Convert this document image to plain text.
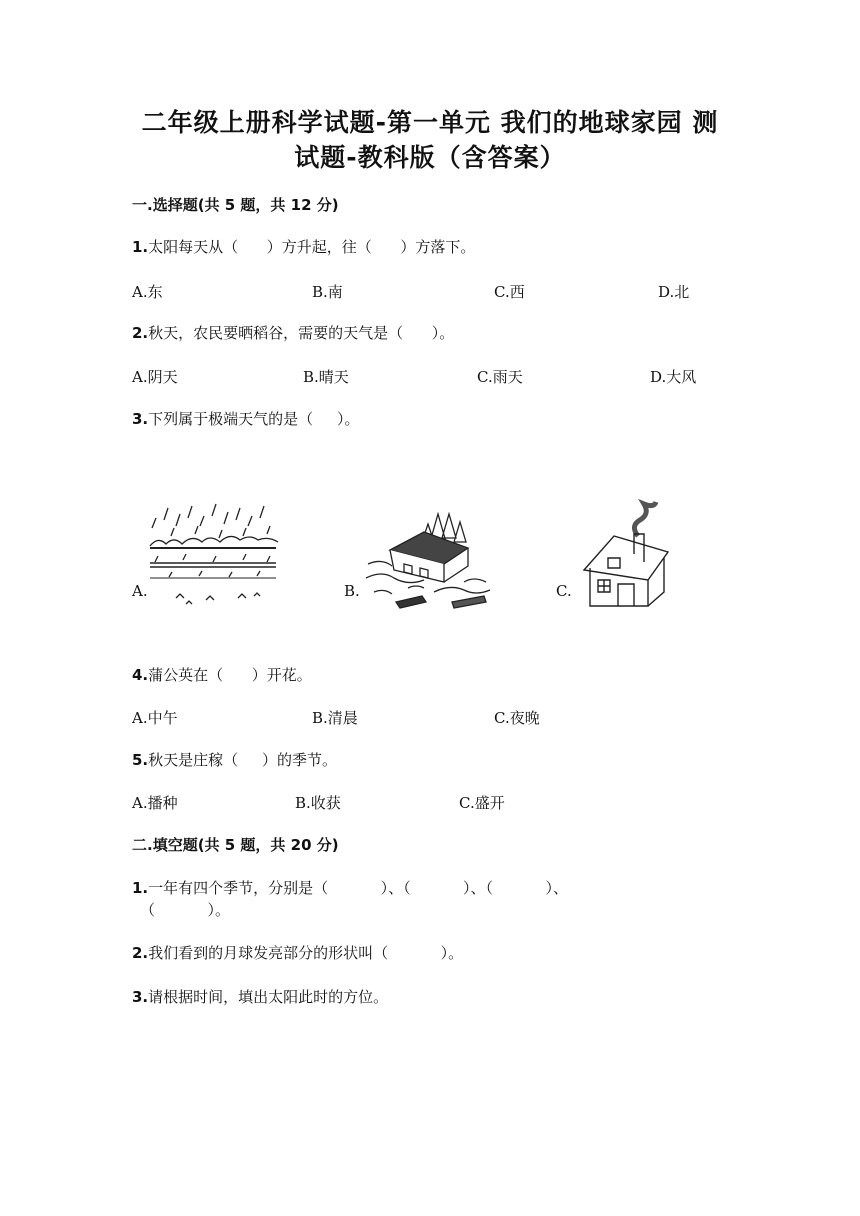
二年级上册科学试题-第一单元 我们的地球家园 测
试题-教科版（含答案）
一.选择题(共 5 题，共 12 分)
1.太阳每天从（      ）方升起，往（      ）方落下。
A.东	B.南	C.西	D.北
2.秋天，农民要晒稻谷，需要的天气是（      ）。
A.阴天	B.晴天	C.雨天	D.大风
3.下列属于极端天气的是（     ）。
A.	B.	C.
4.蒲公英在（      ）开花。
A.中午	B.清晨	C.夜晚
5.秋天是庄稼（     ）的季节。
A.播种	B.收获	C.盛开
二.填空题(共 5 题，共 20 分)
1.一年有四个季节，分别是（           ）、（           ）、（           ）、
（           ）。
2.我们看到的月球发亮部分的形状叫（           ）。
3.请根据时间，填出太阳此时的方位。
